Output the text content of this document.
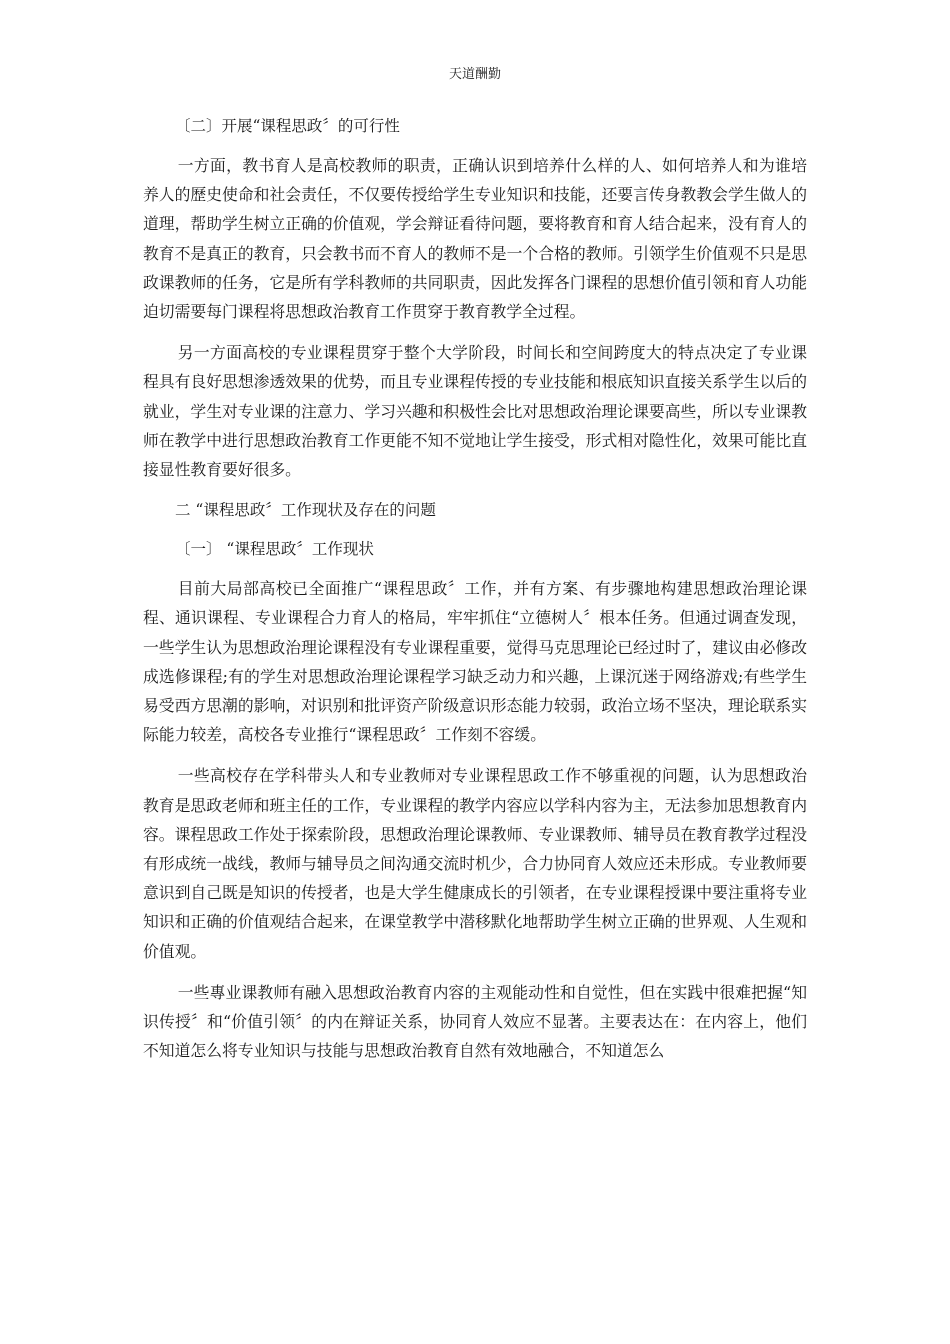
天道酬勤
〔二〕开展“课程思政〞的可行性

一方面，教书育人是高校教师的职责，正确认识到培养什么样的人、如何培养人和为谁培养人的歷史使命和社会责任，不仅要传授给学生专业知识和技能，还要言传身教教会学生做人的道理，帮助学生树立正确的价值观，学会辩证看待问题，要将教育和育人结合起来，没有育人的教育不是真正的教育，只会教书而不育人的教师不是一个合格的教师。引领学生价值观不只是思政课教师的任务，它是所有学科教师的共同职责，因此发挥各门课程的思想价值引领和育人功能迫切需要每门课程将思想政治教育工作贯穿于教育教学全过程。

另一方面高校的专业课程贯穿于整个大学阶段，时间长和空间跨度大的特点决定了专业课程具有良好思想渗透效果的优势，而且专业课程传授的专业技能和根底知识直接关系学生以后的就业，学生对专业课的注意力、学习兴趣和积极性会比对思想政治理论课要高些，所以专业课教师在教学中进行思想政治教育工作更能不知不觉地让学生接受，形式相对隐性化，效果可能比直接显性教育要好很多。

二 “课程思政〞工作现状及存在的问题
〔一〕 “课程思政〞工作现状

目前大局部高校已全面推广“课程思政〞工作，并有方案、有步骤地构建思想政治理论课程、通识课程、专业课程合力育人的格局，牢牢抓住“立德树人〞根本任务。但通过调查发现，一些学生认为思想政治理论课程没有专业课程重要，觉得马克思理论已经过时了，建议由必修改成选修课程;有的学生对思想政治理论课程学习缺乏动力和兴趣，上课沉迷于网络游戏;有些学生易受西方思潮的影响，对识别和批评资产阶级意识形态能力较弱，政治立场不坚决，理论联系实际能力较差，高校各专业推行“课程思政〞工作刻不容缓。

一些高校存在学科带头人和专业教师对专业课程思政工作不够重视的问题，认为思想政治教育是思政老师和班主任的工作，专业课程的教学内容应以学科内容为主，无法参加思想教育内容。课程思政工作处于探索阶段，思想政治理论课教师、专业课教师、辅导员在教育教学过程没有形成统一战线，教师与辅导员之间沟通交流时机少，合力协同育人效应还未形成。专业教师要意识到自己既是知识的传授者，也是大学生健康成长的引领者，在专业课程授课中要注重将专业知识和正确的价值观结合起来，在课堂教学中潜移默化地帮助学生树立正确的世界观、人生观和价值观。

一些專业课教师有融入思想政治教育内容的主观能动性和自觉性，但在实践中很难把握“知识传授〞和“价值引领〞的内在辩证关系，协同育人效应不显著。主要表达在：在内容上，他们不知道怎么将专业知识与技能与思想政治教育自然有效地融合，不知道怎么
